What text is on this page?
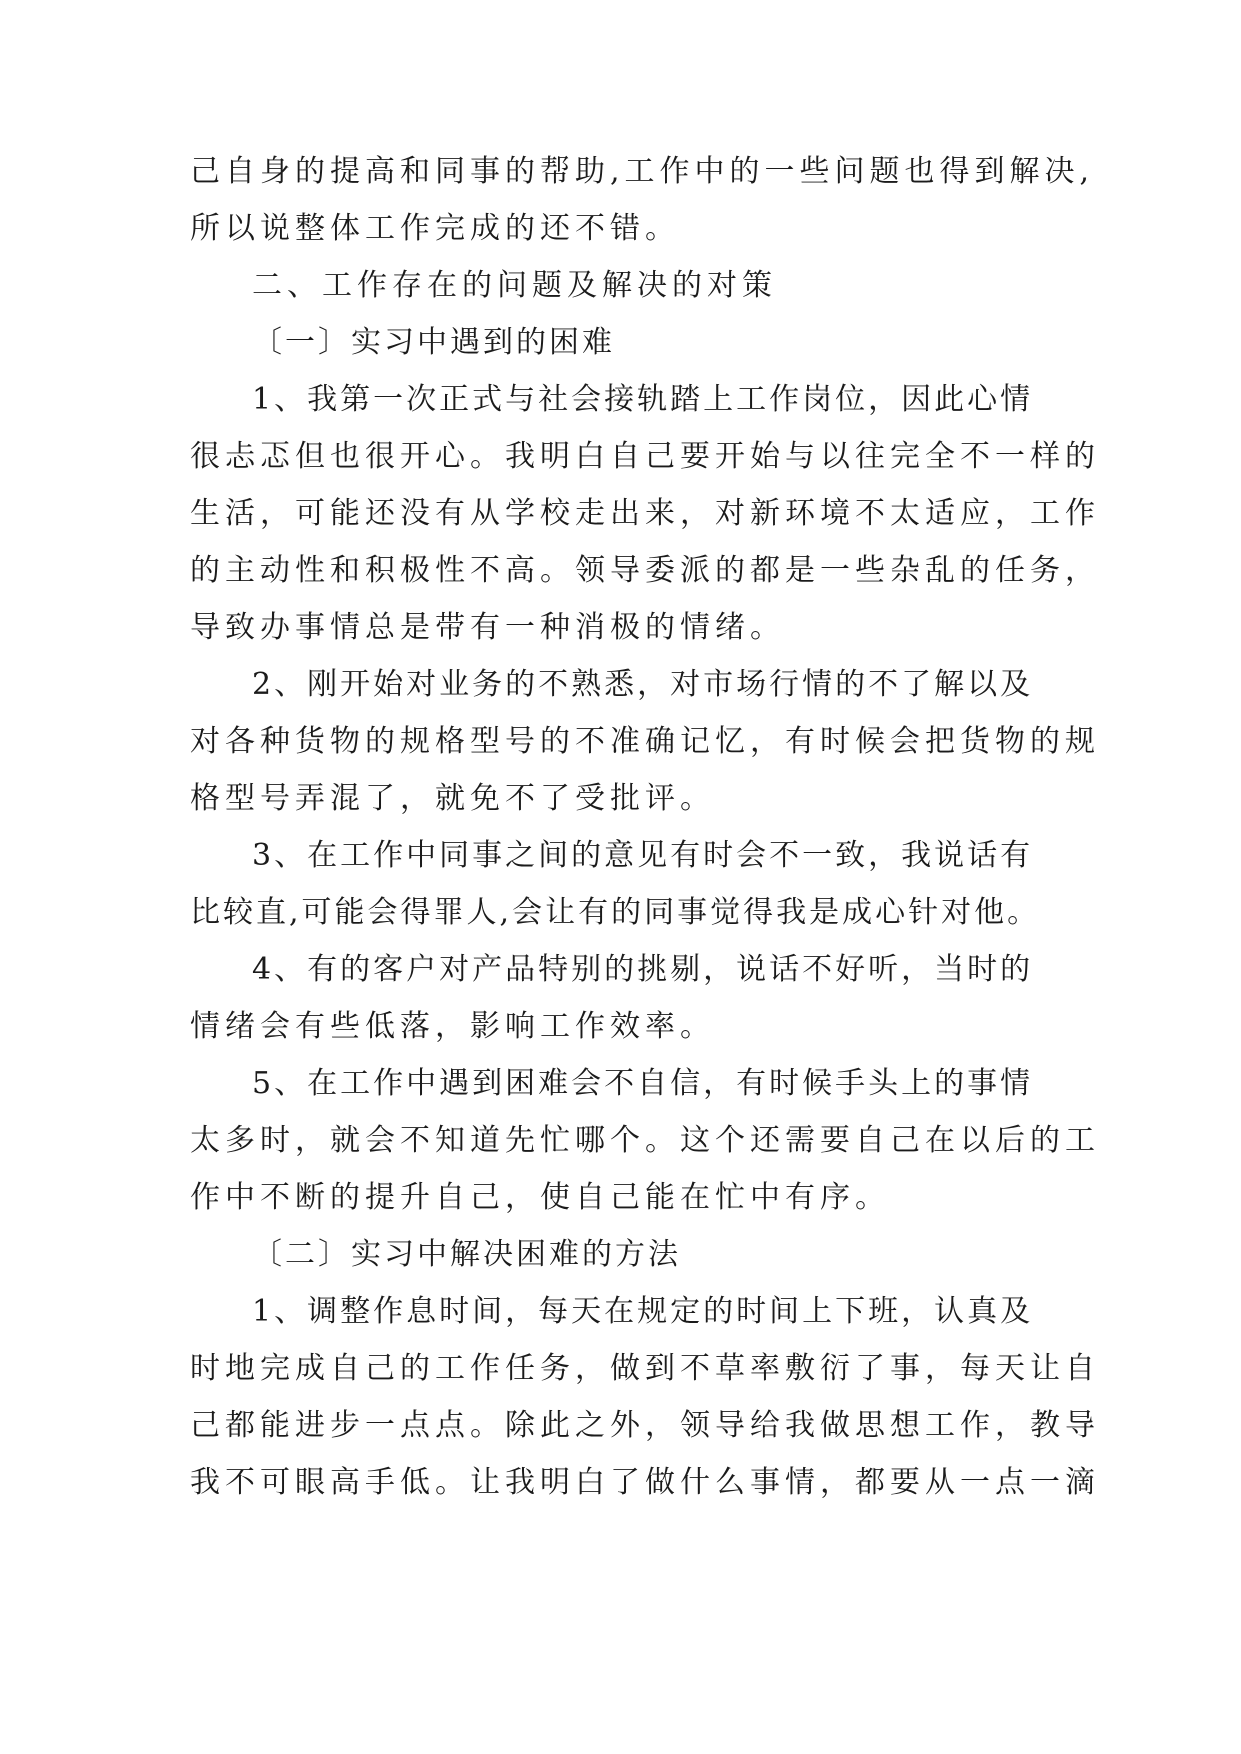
己自身的提高和同事的帮助,工作中的一些问题也得到解决,
所以说整体工作完成的还不错。
二、工作存在的问题及解决的对策
〔一〕实习中遇到的困难
1、我第一次正式与社会接轨踏上工作岗位，因此心情
很忐忑但也很开心。我明白自己要开始与以往完全不一样的
生活，可能还没有从学校走出来，对新环境不太适应，工作
的主动性和积极性不高。领导委派的都是一些杂乱的任务，
导致办事情总是带有一种消极的情绪。
2、刚开始对业务的不熟悉，对市场行情的不了解以及
对各种货物的规格型号的不准确记忆，有时候会把货物的规
格型号弄混了，就免不了受批评。
3、在工作中同事之间的意见有时会不一致，我说话有
比较直,可能会得罪人,会让有的同事觉得我是成心针对他。
4、有的客户对产品特别的挑剔，说话不好听，当时的
情绪会有些低落，影响工作效率。
5、在工作中遇到困难会不自信，有时候手头上的事情
太多时，就会不知道先忙哪个。这个还需要自己在以后的工
作中不断的提升自己，使自己能在忙中有序。
〔二〕实习中解决困难的方法
1、调整作息时间，每天在规定的时间上下班，认真及
时地完成自己的工作任务，做到不草率敷衍了事，每天让自
己都能进步一点点。除此之外，领导给我做思想工作，教导
我不可眼高手低。让我明白了做什么事情，都要从一点一滴
